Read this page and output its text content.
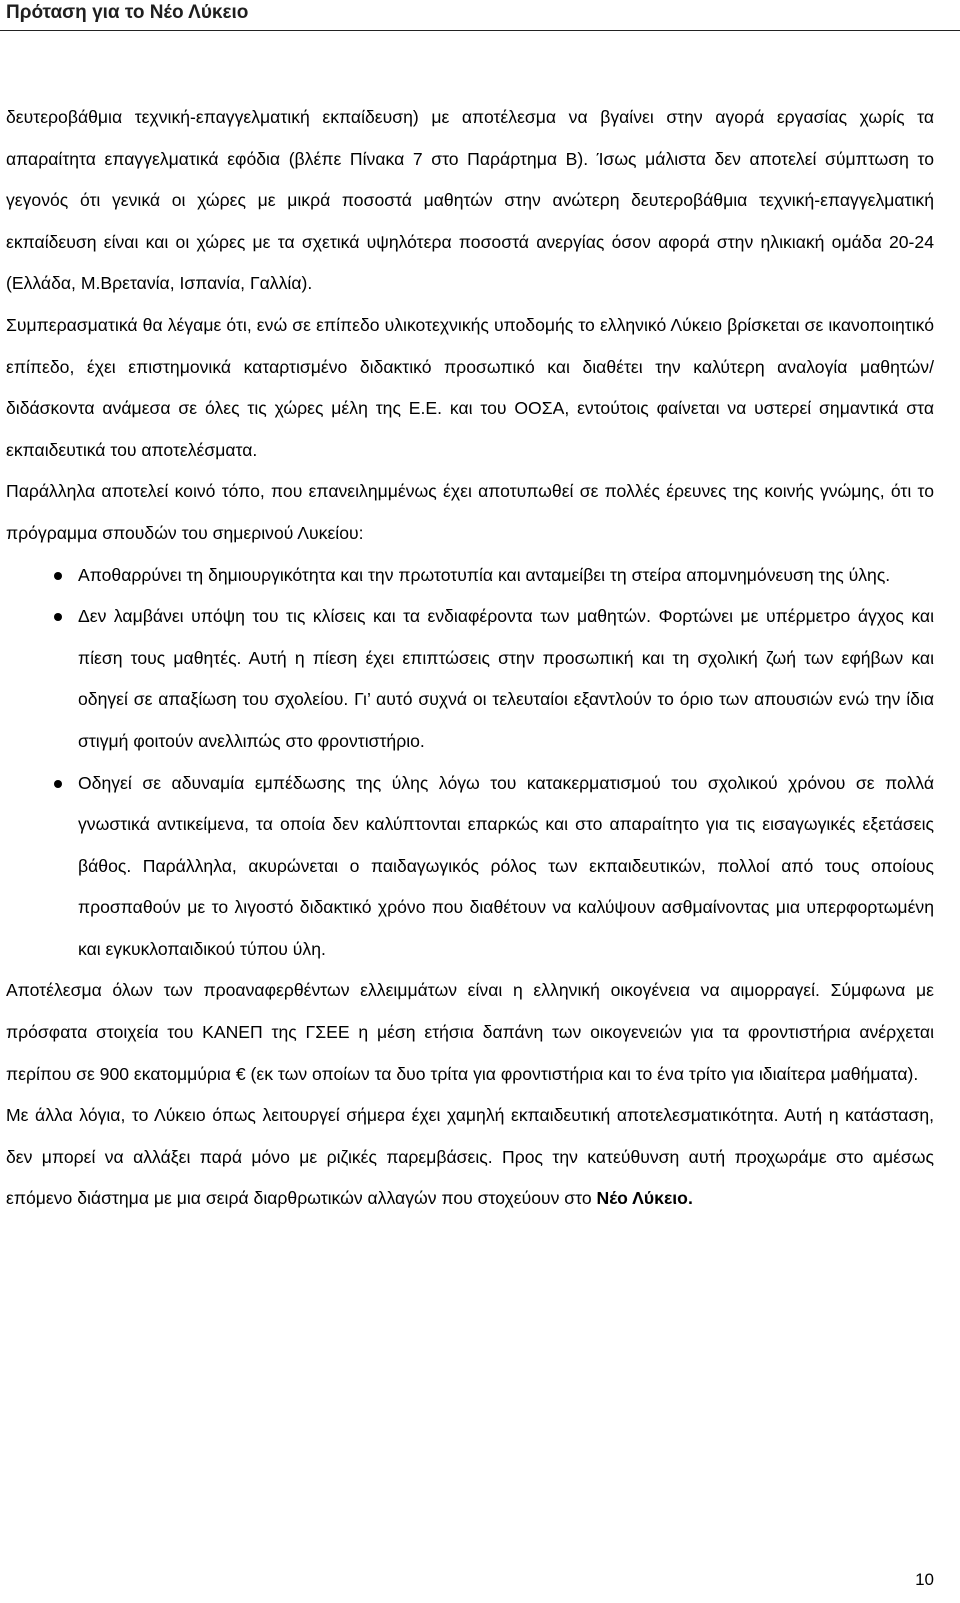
Πρόταση για το Νέο Λύκειο

δευτεροβάθμια τεχνική-επαγγελματική εκπαίδευση) με αποτέλεσμα να βγαίνει στην αγορά εργασίας χωρίς τα απαραίτητα επαγγελματικά εφόδια (βλέπε Πίνακα 7 στο Παράρτημα Β). Ίσως μάλιστα δεν αποτελεί σύμπτωση το γεγονός ότι γενικά οι χώρες με μικρά ποσοστά μαθητών στην ανώτερη δευτεροβάθμια τεχνική-επαγγελματική εκπαίδευση είναι και οι χώρες με τα σχετικά υψηλότερα ποσοστά ανεργίας όσον αφορά στην ηλικιακή ομάδα 20-24 (Ελλάδα, Μ.Βρετανία, Ισπανία, Γαλλία).

Συμπερασματικά θα λέγαμε ότι, ενώ σε επίπεδο υλικοτεχνικής υποδομής το ελληνικό Λύκειο βρίσκεται σε ικανοποιητικό επίπεδο, έχει επιστημονικά καταρτισμένο διδακτικό προσωπικό και διαθέτει την καλύτερη αναλογία μαθητών/διδάσκοντα ανάμεσα σε όλες τις χώρες μέλη της Ε.Ε. και του ΟΟΣΑ, εντούτοις φαίνεται να υστερεί σημαντικά στα εκπαιδευτικά του αποτελέσματα.

Παράλληλα αποτελεί κοινό τόπο, που επανειλημμένως έχει αποτυπωθεί σε πολλές έρευνες της κοινής γνώμης, ότι το πρόγραμμα σπουδών του σημερινού Λυκείου:

Αποθαρρύνει τη δημιουργικότητα και την πρωτοτυπία και ανταμείβει τη στείρα απομνημόνευση της ύλης.
Δεν λαμβάνει υπόψη του τις κλίσεις και τα ενδιαφέροντα των μαθητών. Φορτώνει με υπέρμετρο άγχος και πίεση τους μαθητές. Αυτή η πίεση έχει επιπτώσεις στην προσωπική και τη σχολική ζωή των εφήβων και οδηγεί σε απαξίωση του σχολείου. Γι’ αυτό συχνά οι τελευταίοι εξαντλούν το όριο των απουσιών ενώ την ίδια στιγμή φοιτούν ανελλιπώς στο φροντιστήριο.
Οδηγεί σε αδυναμία εμπέδωσης της ύλης λόγω του κατακερματισμού του σχολικού χρόνου σε πολλά γνωστικά αντικείμενα, τα οποία δεν καλύπτονται επαρκώς και στο απαραίτητο για τις εισαγωγικές εξετάσεις βάθος. Παράλληλα, ακυρώνεται ο παιδαγωγικός ρόλος των εκπαιδευτικών, πολλοί από τους οποίους προσπαθούν με το λιγοστό διδακτικό χρόνο που διαθέτουν να καλύψουν ασθμαίνοντας μια υπερφορτωμένη και εγκυκλοπαιδικού τύπου ύλη.

Αποτέλεσμα όλων των προαναφερθέντων ελλειμμάτων είναι η ελληνική οικογένεια να αιμορραγεί. Σύμφωνα με πρόσφατα στοιχεία του ΚΑΝΕΠ της ΓΣΕΕ η μέση ετήσια δαπάνη των οικογενειών για τα φροντιστήρια ανέρχεται περίπου σε 900 εκατομμύρια € (εκ των οποίων τα δυο τρίτα για φροντιστήρια και το ένα τρίτο για ιδιαίτερα μαθήματα).

Με άλλα λόγια, το Λύκειο όπως λειτουργεί σήμερα έχει χαμηλή εκπαιδευτική αποτελεσματικότητα. Αυτή η κατάσταση, δεν μπορεί να αλλάξει παρά μόνο με ριζικές παρεμβάσεις. Προς την κατεύθυνση αυτή προχωράμε στο αμέσως επόμενο διάστημα με μια σειρά διαρθρωτικών αλλαγών που στοχεύουν στο Νέο Λύκειο.

10
